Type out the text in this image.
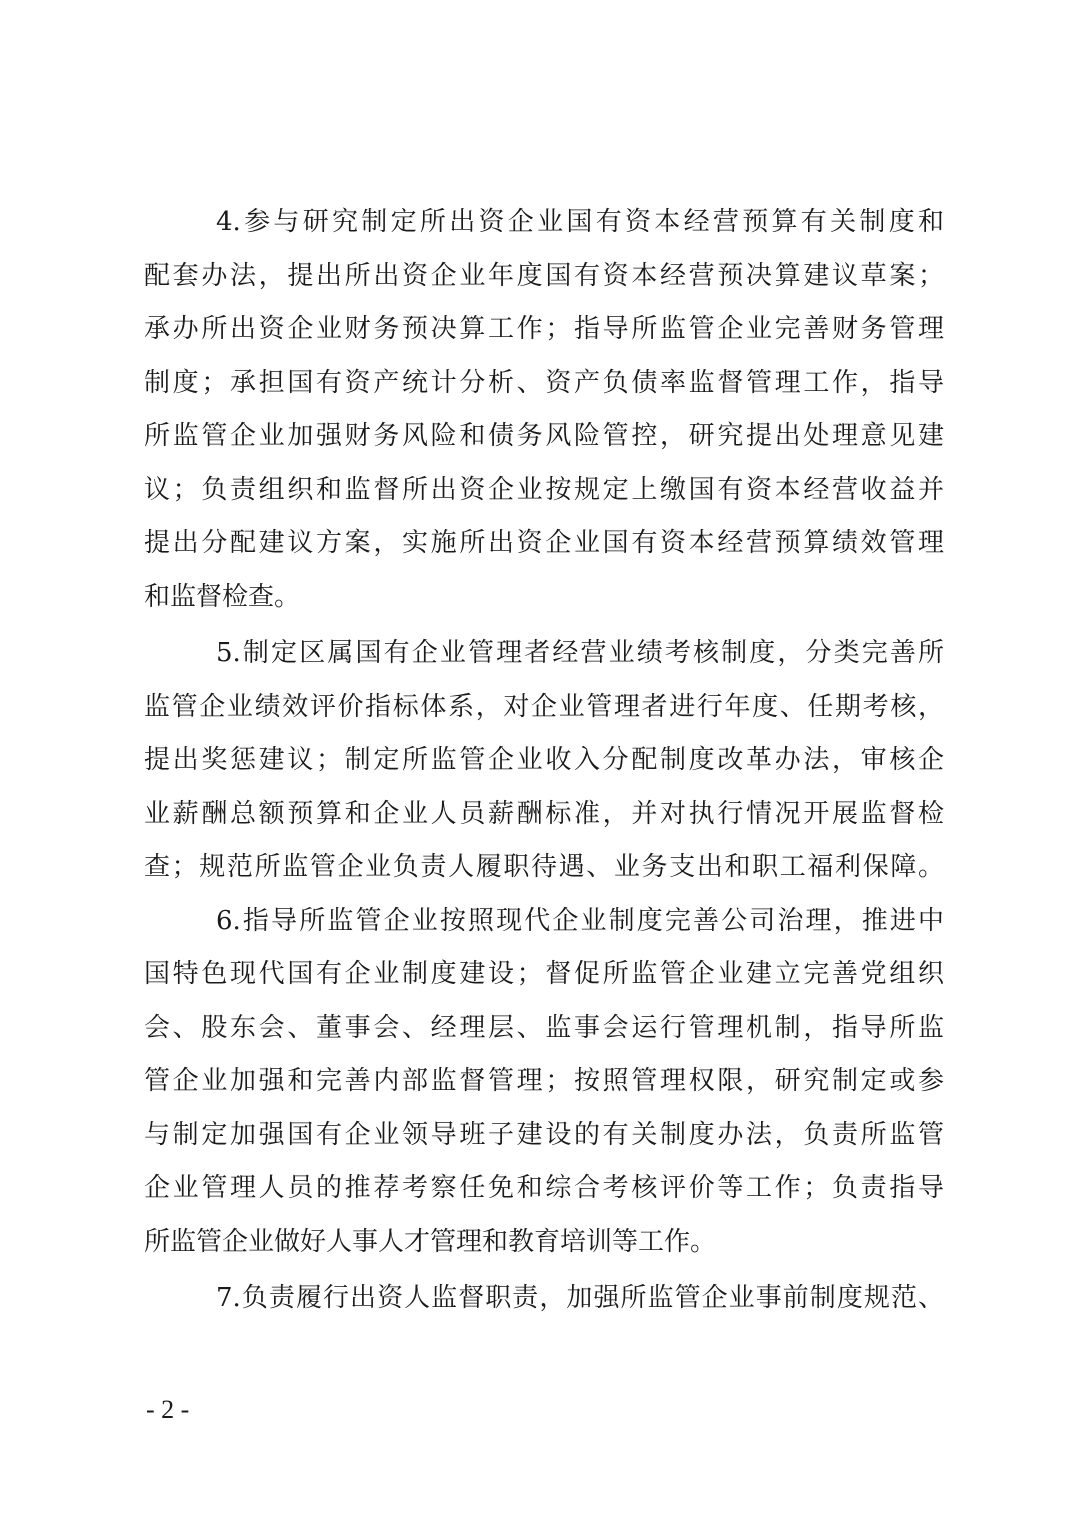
4.参与研究制定所出资企业国有资本经营预算有关制度和
配套办法，提出所出资企业年度国有资本经营预决算建议草案；
承办所出资企业财务预决算工作；指导所监管企业完善财务管理
制度；承担国有资产统计分析、资产负债率监督管理工作，指导
所监管企业加强财务风险和债务风险管控，研究提出处理意见建
议；负责组织和监督所出资企业按规定上缴国有资本经营收益并
提出分配建议方案，实施所出资企业国有资本经营预算绩效管理
和监督检查。
5.制定区属国有企业管理者经营业绩考核制度，分类完善所
监管企业绩效评价指标体系，对企业管理者进行年度、任期考核，
提出奖惩建议；制定所监管企业收入分配制度改革办法，审核企
业薪酬总额预算和企业人员薪酬标准，并对执行情况开展监督检
查；规范所监管企业负责人履职待遇、业务支出和职工福利保障。
6.指导所监管企业按照现代企业制度完善公司治理，推进中
国特色现代国有企业制度建设；督促所监管企业建立完善党组织
会、股东会、董事会、经理层、监事会运行管理机制，指导所监
管企业加强和完善内部监督管理；按照管理权限，研究制定或参
与制定加强国有企业领导班子建设的有关制度办法，负责所监管
企业管理人员的推荐考察任免和综合考核评价等工作；负责指导
所监管企业做好人事人才管理和教育培训等工作。
7.负责履行出资人监督职责，加强所监管企业事前制度规范、
- 2 -
